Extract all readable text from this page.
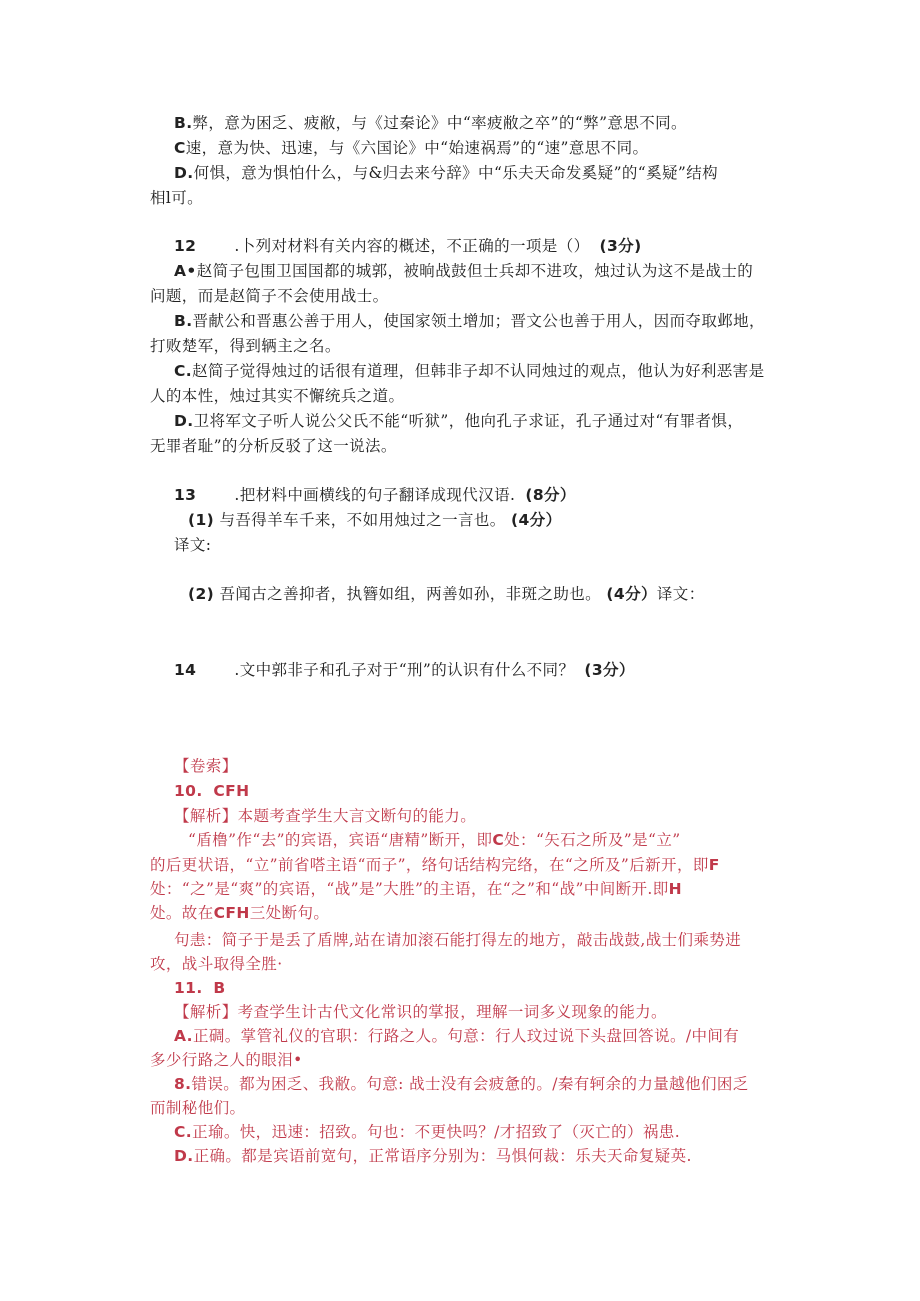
B.弊，意为困乏、疲敝，与《过秦论》中“率疲敝之卒”的“弊”意思不同。
C速，意为快、迅速，与《六国论》中“始速祸焉”的“速”意思不同。
D.何惧，意为惧怕什么，与&归去来兮辞》中“乐夫天命发奚疑”的“奚疑”结构
相l可。
12 .卜列对材料有关内容的概述，不正确的一项是（） (3分)
A•赵简子包围卫国国都的城郭，被晌战鼓但士兵却不进攻，烛过认为这不是战士的
问题，而是赵简子不会使用战士。
B.晋献公和晋惠公善于用人，使国家领土增加；晋文公也善于用人，因而夺取邺地，
打败楚军，得到辆主之名。
C.赵简子觉得烛过的话很有道理，但韩非子却不认同烛过的观点，他认为好利恶害是
人的本性，烛过其实不懈统兵之道。
D.卫将军文子听人说公父氏不能“听狱”，他向孔子求证，孔子通过对“有罪者惧，
无罪者耻”的分析反驳了这一说法。
13 .把材料中画横线的句子翻译成现代汉语. (8分）
(1) 与吾得羊车千来，不如用烛过之一言也。 (4分）
译文:
(2) 吾闻古之善抑者，执簪如组，两善如孙，非斑之助也。 (4分）译文：
14 .文中郭非子和孔子对于“刑”的认识有什么不同？ (3分）
【卷索】
10. CFH
【解析】本题考查学生大言文断句的能力。
“盾橹”作“去”的宾语，宾语“唐精”断开，即C处：“矢石之所及”是“立”
的后更状语，“立”前省嗒主语“而子”，络句话结构完络，在“之所及”后新开，即F
处：“之”是“爽”的宾语，“战”是”大胜”的主语，在“之”和“战”中间断开.即H
处。故在CFH三处断句。
句恚：简子于是丢了盾牌,站在请加滚石能打得左的地方，敲击战鼓,战士们乘势进
攻，战斗取得全胜·
11. B
【解析】考查学生计古代文化常识的掌报，理解一词多义现象的能力。
A.正碉。掌管礼仪的官职：行路之人。句意：行人玟过说下头盘回答说。/中间有
多少行路之人的眼泪•
8.错误。都为困乏、我敝。句意: 战士没有会疲惫的。/秦有轲余的力量越他们困乏
而制秘他们。
C.正瑜。快，迅速：招致。句也：不更快吗？/才招致了（灭亡的）祸患.
D.正确。都是宾语前宽句，正常语序分别为：马惧何裁：乐夫天命复疑英.
